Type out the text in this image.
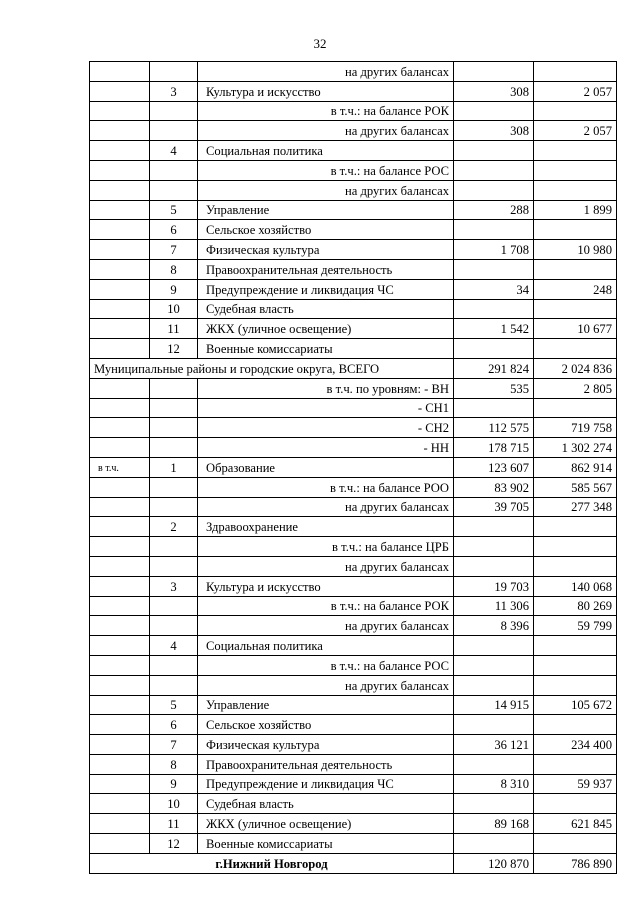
32
		на других балансах		
	3	Культура и искусство	308	2 057
		в т.ч.: на балансе РОК		
		на других балансах	308	2 057
	4	Социальная политика		
		в т.ч.: на балансе РОС		
		на других балансах		
	5	Управление	288	1 899
	6	Сельское хозяйство		
	7	Физическая культура	1 708	10 980
	8	Правоохранительная деятельность		
	9	Предупреждение и ликвидация ЧС	34	248
	10	Судебная власть		
	11	ЖКХ (уличное освещение)	1 542	10 677
	12	Военные комиссариаты		
Муниципальные районы и городские округа, ВСЕГО			291 824	2 024 836
		в т.ч. по уровням: - ВН	535	2 805
		- СН1		
		- СН2	112 575	719 758
		- НН	178 715	1 302 274
в т.ч.	1	Образование	123 607	862 914
		в т.ч.: на балансе РОО	83 902	585 567
		на других балансах	39 705	277 348
	2	Здравоохранение		
		в т.ч.: на балансе ЦРБ		
		на других балансах		
	3	Культура и искусство	19 703	140 068
		в т.ч.: на балансе РОК	11 306	80 269
		на других балансах	8 396	59 799
	4	Социальная политика		
		в т.ч.: на балансе РОС		
		на других балансах		
	5	Управление	14 915	105 672
	6	Сельское хозяйство		
	7	Физическая культура	36 121	234 400
	8	Правоохранительная деятельность		
	9	Предупреждение и ликвидация ЧС	8 310	59 937
	10	Судебная власть		
	11	ЖКХ (уличное освещение)	89 168	621 845
	12	Военные комиссариаты		
г.Нижний Новгород			120 870	786 890
